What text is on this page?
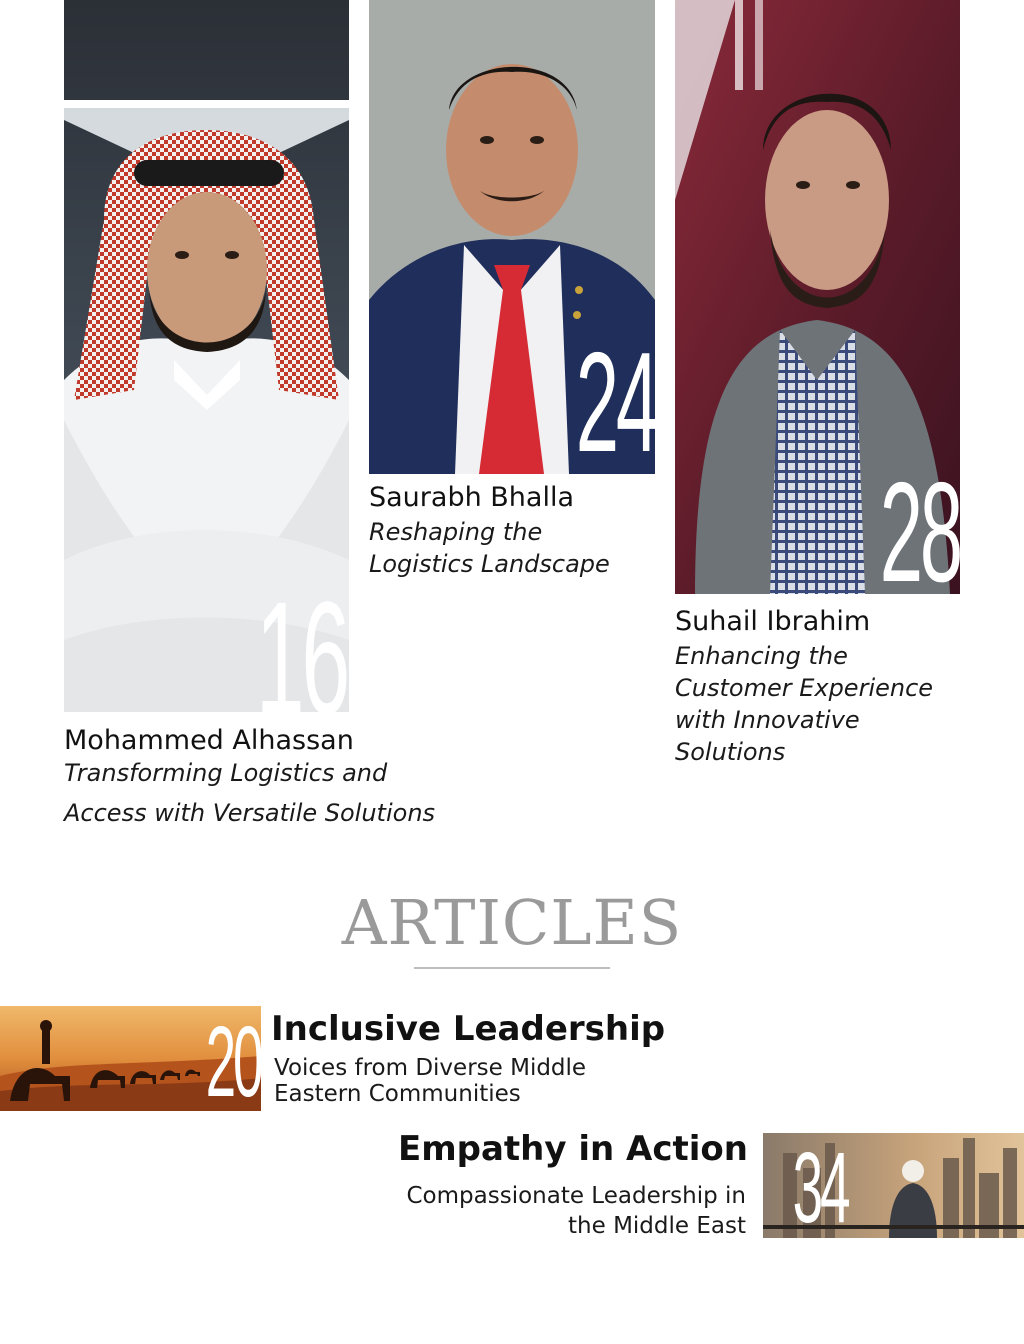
16
Mohammed Alhassan

Transforming Logistics and

Access with Versatile Solutions

24
Saurabh Bhalla

Reshaping the

Logistics Landscape 28
Suhail Ibrahim

Enhancing the

Customer Experience

with Innovative

Solutions

ARTICLES
20 Inclusive Leadership

Voices from Diverse Middle

Eastern Communities

34
Empathy in Action

Compassionate Leadership in

the Middle East
